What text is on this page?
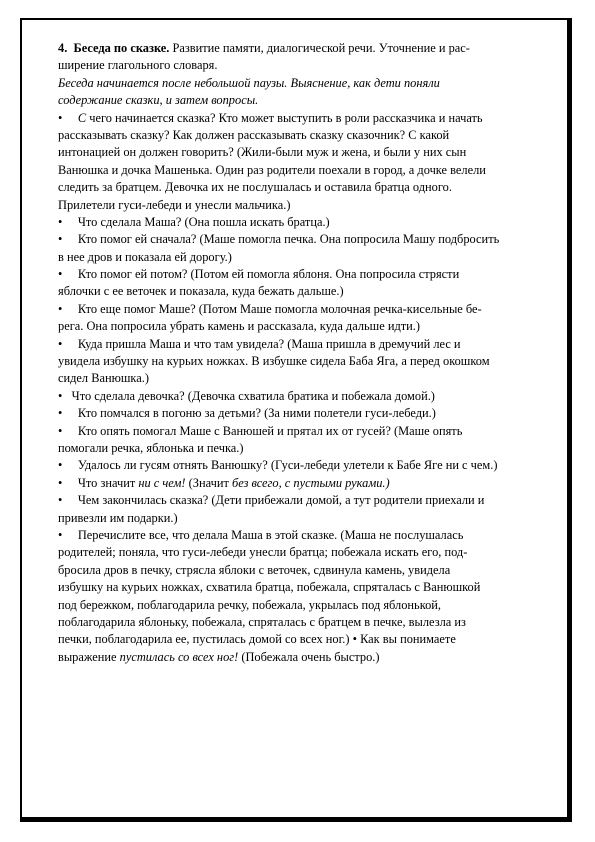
4. Беседа по сказке. Развитие памяти, диалогической речи. Уточнение и рас-
ширение глагольного словаря.
Беседа начинается после небольшой паузы. Выяснение, как дети поняли
содержание сказки, и затем вопросы.
• С чего начинается сказка? Кто может выступить в роли рассказчика и начать
рассказывать сказку? Как должен рассказывать сказку сказочник? С какой
интонацией он должен говорить? (Жили-были муж и жена, и были у них сын
Ванюшка и дочка Машенька. Один раз родители поехали в город, а дочке велели
следить за братцем. Девочка их не послушалась и оставила братца одного.
Прилетели гуси-лебеди и унесли мальчика.)
• Что сделала Маша? (Она пошла искать братца.)
• Кто помог ей сначала? (Маше помогла печка. Она попросила Машу подбросить
в нее дров и показала ей дорогу.)
• Кто помог ей потом? (Потом ей помогла яблоня. Она попросила стрясти
яблочки с ее веточек и показала, куда бежать дальше.)
• Кто еще помог Маше? (Потом Маше помогла молочная речка-кисельные бе-
рега. Она попросила убрать камень и рассказала, куда дальше идти.)
• Куда пришла Маша и что там увидела? (Маша пришла в дремучий лес и
увидела избушку на курьих ножках. В избушке сидела Баба Яга, а перед окошком
сидел Ванюшка.)
• Что сделала девочка? (Девочка схватила братика и побежала домой.)
• Кто помчался в погоню за детьми? (За ними полетели гуси-лебеди.)
• Кто опять помогал Маше с Ванюшей и прятал их от гусей? (Маше опять
помогали речка, яблонька и печка.)
• Удалось ли гусям отнять Ванюшку? (Гуси-лебеди улетели к Бабе Яге ни с чем.)
• Что значит ни с чем! (Значит без всего, с пустыми руками.)
• Чем закончилась сказка? (Дети прибежали домой, а тут родители приехали и
привезли им подарки.)
• Перечислите все, что делала Маша в этой сказке. (Маша не послушалась
родителей; поняла, что гуси-лебеди унесли братца; побежала искать его, под-
бросила дров в печку, стрясла яблоки с веточек, сдвинула камень, увидела
избушку на курьих ножках, схватила братца, побежала, спряталась с Ванюшкой
под бережком, поблагодарила речку, побежала, укрылась под яблонькой,
поблагодарила яблоньку, побежала, спряталась с братцем в печке, вылезла из
печки, поблагодарила ее, пустилась домой со всех ног.) • Как вы понимаете
выражение пустилась со всех ног! (Побежала очень быстро.)
